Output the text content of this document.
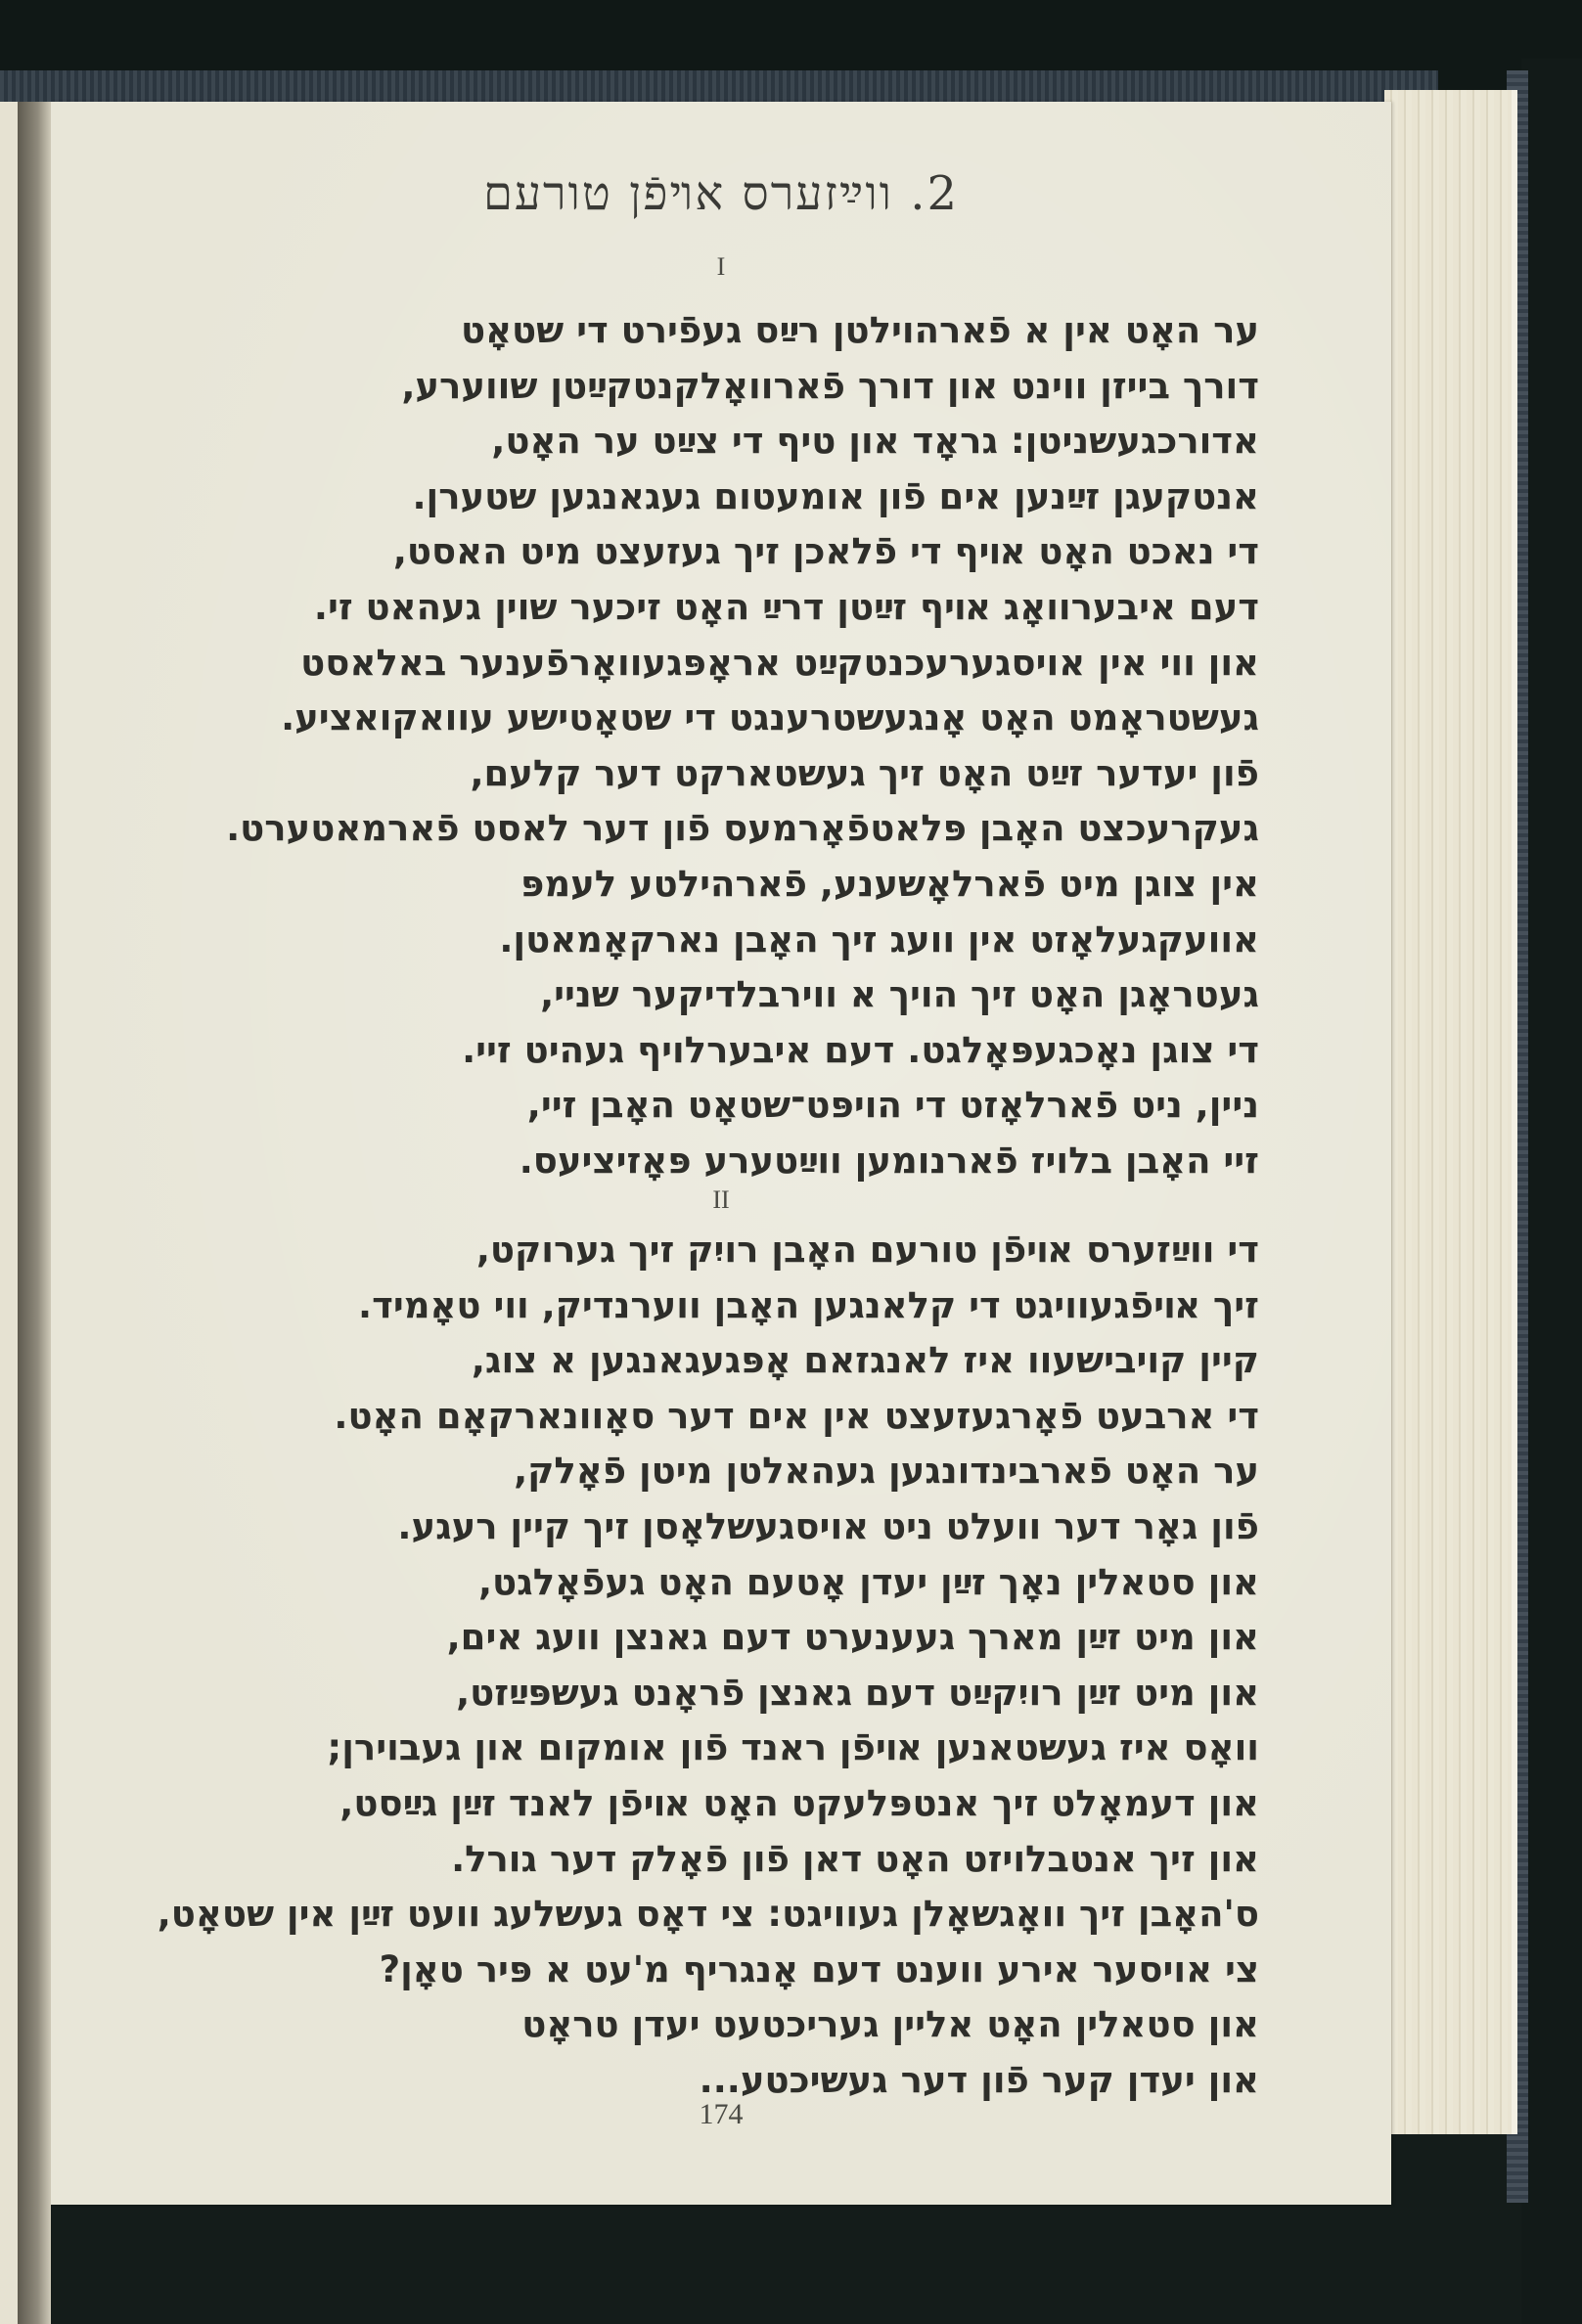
2. ווײַזערס אױפֿן טורעם
I
ער האָט אין א פֿארהוילטן רײַס געפֿירט די שטאָט
דורך בייזן ווינט און דורך פֿארוואָלקנטקײַטן שווערע,
אדורכגעשניטן: גראָד און טיף די צײַט ער האָט,
אנטקעגן זײַנען אים פֿון אומעטום געגאנגען שטערן.
די נאכט האָט אױף די פֿלאכן זיך געזעצט מיט האסט,
דעם איבערוואָג אױף זײַטן דרײַ האָט זיכער שוין געהאט זי.
און ווי אין אויסגערעכנטקײַט אראָפּגעוואָרפֿענער באלאסט
געשטראָמט האָט אָנגעשטרענגט די שטאָטישע עוואקואציע.
פֿון יעדער זײַט האָט זיך געשטארקט דער קלעם,
געקרעכצט האָבן פּלאטפֿאָרמעס פֿון דער לאסט פֿארמאטערט.
אין צוגן מיט פֿארלאָשענע, פֿארהילטע לעמפּ
אוועקגעלאָזט אין וועג זיך האָבן נארקאָמאטן.
געטראָגן האָט זיך הויך א ווירבלדיקער שניי,
די צוגן נאָכגעפּאָלגט. דעם איבערלויף געהיט זיי.
ניין, ניט פֿארלאָזט די הויפּט־שטאָט האָבן זיי,
זיי האָבן בלויז פֿארנומען ווײַטערע פּאָזיציעס.
II
די ווײַזערס אױפֿן טורעם האָבן רויִק זיך גערוקט,
זיך אױפֿגעוויגט די קלאנגען האָבן ווערנדיק, ווי טאָמיד.
קיין קויבישעוו איז לאנגזאם אָפּגעגאנגען א צוג,
די ארבעט פֿאָרגעזעצט אין אים דער סאָוונארקאָם האָט.
ער האָט פֿארבינדונגען געהאלטן מיטן פֿאָלק,
פֿון גאָר דער וועלט ניט אויסגעשלאָסן זיך קיין רעגע.
און סטאלין נאָך זײַן יעדן אָטעם האָט געפֿאָלגט,
און מיט זײַן מארך געענערט דעם גאנצן וועג אים,
און מיט זײַן רויִקײַט דעם גאנצן פֿראָנט געשפּײַזט,
וואָס איז געשטאנען אױפֿן ראנד פֿון אומקום און געבוירן;
און דעמאָלט זיך אנטפּלעקט האָט אױפֿן לאנד זײַן גײַסט,
און זיך אנטבלויזט האָט דאן פֿון פֿאָלק דער גורל.
ס'האָבן זיך וואָגשאָלן געוויגט: צי דאָס געשלעג וועט זײַן אין שטאָט,
צי אויסער אירע ווענט דעם אָנגריף מ'עט א פּיר טאָן?
און סטאלין האָט אליין געריכטעט יעדן טראָט
און יעדן קער פֿון דער געשיכטע...
174
